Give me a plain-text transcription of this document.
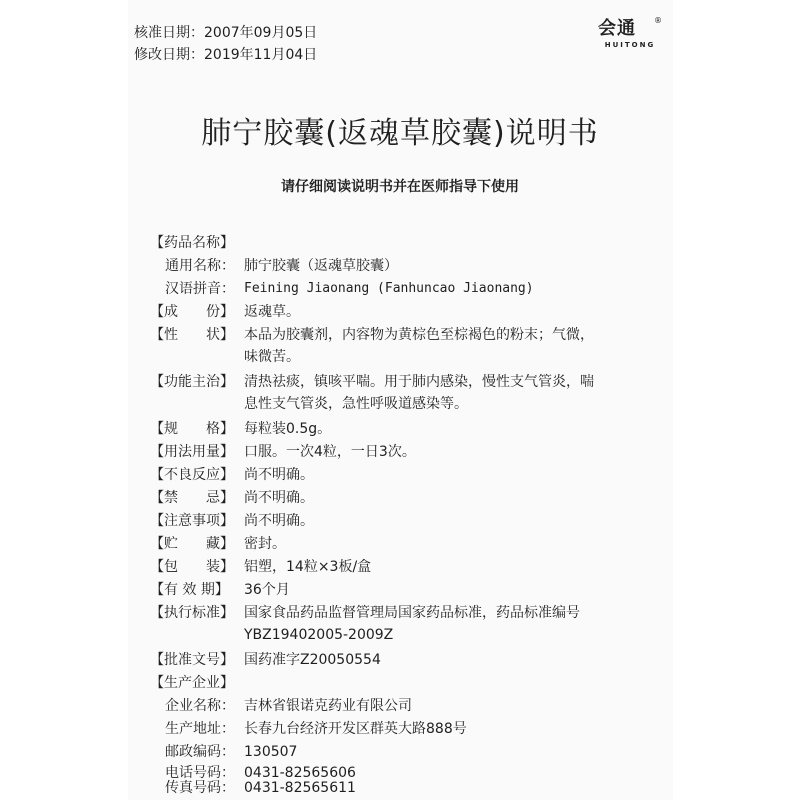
核准日期：2007年09月05日
修改日期：2019年11月04日
会通
HUITONG
®
肺宁胶囊(返魂草胶囊)说明书
请仔细阅读说明书并在医师指导下使用
【药品名称】
通用名称： 肺宁胶囊（返魂草胶囊）
汉语拼音： Feining Jiaonang (Fanhuncao Jiaonang)
【成　　份】 返魂草。
【性　　状】 本品为胶囊剂，内容物为黄棕色至棕褐色的粉末；气微，
味微苦。
【功能主治】 清热祛痰，镇咳平喘。用于肺内感染，慢性支气管炎，喘
息性支气管炎，急性呼吸道感染等。
【规　　格】 每粒装0.5g。
【用法用量】 口服。一次4粒，一日3次。
【不良反应】 尚不明确。
【禁　　忌】 尚不明确。
【注意事项】 尚不明确。
【贮　　藏】 密封。
【包　　装】 铝塑，14粒×3板/盒
【有 效 期】 36个月
【执行标准】 国家食品药品监督管理局国家药品标准，药品标准编号
YBZ19402005-2009Z
【批准文号】 国药准字Z20050554
【生产企业】
企业名称： 吉林省银诺克药业有限公司
生产地址： 长春九台经济开发区群英大路888号
邮政编码： 130507
电话号码： 0431-82565606
传真号码： 0431-82565611
